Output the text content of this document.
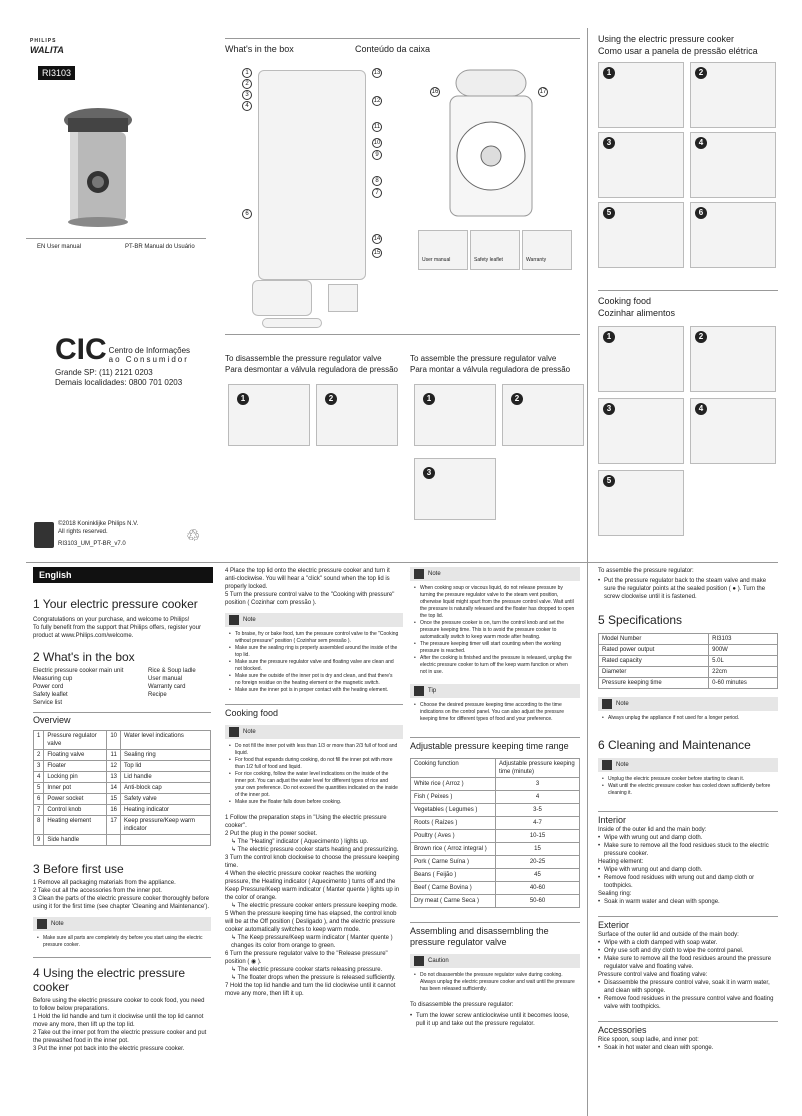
PHILIPS
WALITA
RI3103
EN User manual	PT-BR Manual do Usuário
What's in the box	Conteúdo da caixa
1
2
3
4
6
13
12
11
10
9
8
7
14
15
16	17
User manual	Safety leaflet	Warranty
Using the electric pressure cooker
Como usar a panela de pressão elétrica
1	2
3	4
5	6
Cooking food
Cozinhar alimentos
1	2
3	4
5
CIC Centro de Informações
ao Consumidor
Grande SP: (11) 2121 0203
Demais localidades: 0800 701 0203
To disassemble the pressure regulator valve
Para desmontar a válvula reguladora de pressão
1	2
To assemble the pressure regulator valve
Para montar a válvula reguladora de pressão
1	2
3
©2018 Koninklijke Philips N.V.
All rights reserved.
RI3103_UM_PT-BR_v7.0	♲
English
1 Your electric pressure cooker
Congratulations on your purchase, and welcome to Philips!
To fully benefit from the support that Philips offers, register your product at www.Philips.com/welcome.
2 What's in the box
Electric pressure cooker main unit
Measuring cup
Power cord
Safety leaflet
Service list
Rice & Soup ladle
User manual
Warranty card
Recipe
Overview
1	Pressure regulator valve	10	Water level indications
2	Floating valve	11	Sealing ring
3	Floater	12	Top lid
4	Locking pin	13	Lid handle
5	Inner pot	14	Anti-block cap
6	Power socket	15	Safety valve
7	Control knob	16	Heating indicator
8	Heating element	17	Keep pressure/Keep warm indicator
9	Side handle		
3 Before first use
1 Remove all packaging materials from the appliance.
2 Take out all the accessories from the inner pot.
3 Clean the parts of the electric pressure cooker thoroughly before using it for the first time (see chapter 'Cleaning and Maintenance').
Note
• Make sure all parts are completely dry before you start using the electric pressure cooker.
4 Using the electric pressure cooker
Before using the electric pressure cooker to cook food, you need to follow below preparations.
1 Hold the lid handle and turn it clockwise until the top lid cannot move any more, then lift up the top lid.
2 Take out the inner pot from the electric pressure cooker and put the prewashed food in the inner pot.
3 Put the inner pot back into the electric pressure cooker.
4 Place the top lid onto the electric pressure cooker and turn it anti-clockwise. You will hear a "click" sound when the top lid is properly locked.
5 Turn the pressure control valve to the "Cooking with pressure" position ( Cozinhar com pressão ).
Note
• To braise, fry or bake food, turn the pressure control valve to the "Cooking without pressure" position ( Cozinhar sem pressão ).
• Make sure the sealing ring is properly assembled around the inside of the top lid.
• Make sure the pressure regulator valve and floating valve are clean and not blocked.
• Make sure the outside of the inner pot is dry and clean, and that there's no foreign residue on the heating element or the magnetic switch.
• Make sure the inner pot is in proper contact with the heating element.
Cooking food
Note
• Do not fill the inner pot with less than 1/3 or more than 2/3 full of food and liquid.
• For food that expands during cooking, do not fill the inner pot with more than 1/2 full of food and liquid.
• For rice cooking, follow the water level indications on the inside of the inner pot. You can adjust the water level for different types of rice and your own preference. Do not exceed the quantities indicated on the inside of the inner pot.
• Make sure the floater falls down before cooking.
1 Follow the preparation steps in "Using the electric pressure cooker".
2 Put the plug in the power socket.
↳ The "Heating" indicator ( Aquecimento ) lights up.
↳ The electric pressure cooker starts heating and pressurizing.
3 Turn the control knob clockwise to choose the pressure keeping time.
4 When the electric pressure cooker reaches the working pressure, the Heating indicator ( Aquecimento ) turns off and the Keep Pressure/Keep warm indicator ( Manter quente ) lights up in the color of orange.
↳ The electric pressure cooker enters pressure keeping mode.
5 When the pressure keeping time has elapsed, the control knob will be at the Off position ( Desligado ), and the electric pressure cooker automatically switches to keep warm mode.
↳ The Keep pressure/Keep warm indicator ( Manter quente ) changes its color from orange to green.
6 Turn the pressure regulator valve to the "Release pressure" position ( ◉ ).
↳ The electric pressure cooker starts releasing pressure.
↳ The floater drops when the pressure is released sufficiently.
7 Hold the top lid handle and turn the lid clockwise until it cannot move any more, then lift it up.
Note
• When cooking soup or viscous liquid, do not release pressure by turning the pressure regulator valve to the steam vent position, otherwise liquid might spurt from the pressure control valve. Wait until the pressure is naturally released and the floater has dropped to open the top lid.
• Once the pressure cooker is on, turn the control knob and set the pressure keeping time. This is to avoid the pressure cooker to automatically switch to keep warm mode after heating.
• The pressure keeping timer will start counting when the working pressure is reached.
• After the cooking is finished and the pressure is released, unplug the electric pressure cooker to turn off the keep warm function or when not in use.
Tip
• Choose the desired pressure keeping time according to the time indications on the control panel. You can also adjust the pressure keeping time for different types of food and your preference.
Adjustable pressure keeping time range
Cooking function	Adjustable pressure keeping time (minute)
White rice ( Arroz )	3
Fish ( Peixes )	4
Vegetables ( Legumes )	3-5
Roots ( Raízes )	4-7
Poultry ( Aves )	10-15
Brown rice ( Arroz integral )	15
Pork ( Carne Suína )	20-25
Beans ( Feijão )	45
Beef ( Carne Bovina )	40-60
Dry meat ( Carne Seca )	50-60
Assembling and disassembling the pressure regulator valve
Caution
• Do not disassemble the pressure regulator valve during cooking. Always unplug the electric pressure cooker and wait until the pressure has been released sufficiently.
To disassemble the pressure regulator:
• Turn the lower screw anticlockwise until it becomes loose, pull it up and take out the pressure regulator.
To assemble the pressure regulator:
• Put the pressure regulator back to the steam valve and make sure the regulator points at the sealed position ( ● ). Turn the screw clockwise until it is fastened.
5 Specifications
Model Number	RI3103
Rated power output	900W
Rated capacity	5.0L
Diameter	22cm
Pressure keeping time	0-60 minutes
Note
• Always unplug the appliance if not used for a longer period.
6 Cleaning and Maintenance
Note
• Unplug the electric pressure cooker before starting to clean it.
• Wait until the electric pressure cooker has cooled down sufficiently before cleaning it.
Interior
Inside of the outer lid and the main body:
• Wipe with wrung out and damp cloth.
• Make sure to remove all the food residues stuck to the electric pressure cooker.
Heating element:
• Wipe with wrung out and damp cloth.
• Remove food residues with wrung out and damp cloth or toothpicks.
Sealing ring:
• Soak in warm water and clean with sponge.
Exterior
Surface of the outer lid and outside of the main body:
• Wipe with a cloth damped with soap water.
• Only use soft and dry cloth to wipe the control panel.
• Make sure to remove all the food residues around the pressure regulator valve and floating valve.
Pressure control valve and floating valve:
• Disassemble the pressure control valve, soak it in warm water, and clean with sponge.
• Remove food residues in the pressure control valve and floating valve with toothpicks.
Accessories
Rice spoon, soup ladle, and inner pot:
• Soak in hot water and clean with sponge.
